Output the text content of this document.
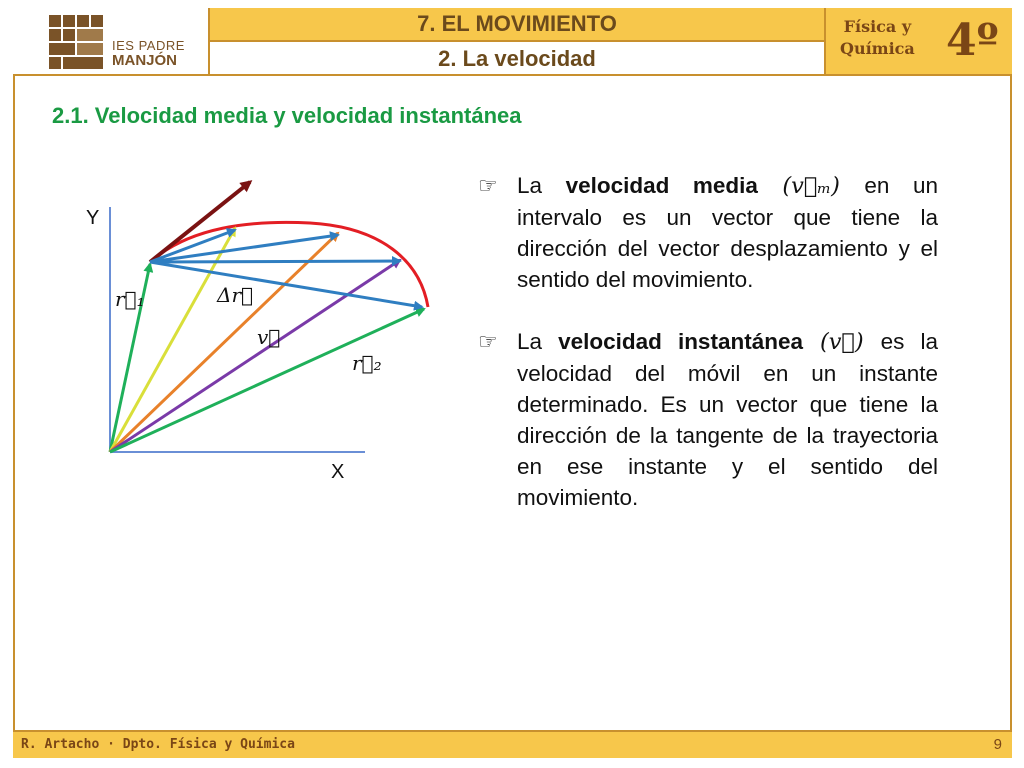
IES PADRE
MANJÓN
7. EL MOVIMIENTO
2. La velocidad
Física y
Química 4º
2.1. Velocidad media y velocidad instantánea
Y
X
r⃗₁	Δr⃗
v⃗
r⃗₂
☞ La velocidad media (v⃗ₘ) en un intervalo es un vector que tiene la dirección del vector desplazamiento y el sentido del movimiento.
☞ La velocidad instantánea (v⃗) es la velocidad del móvil en un instante determinado. Es un vector que tiene la dirección de la tangente de la trayectoria en ese instante y el sentido del movimiento.
R. Artacho · Dpto. Física y Química	9
